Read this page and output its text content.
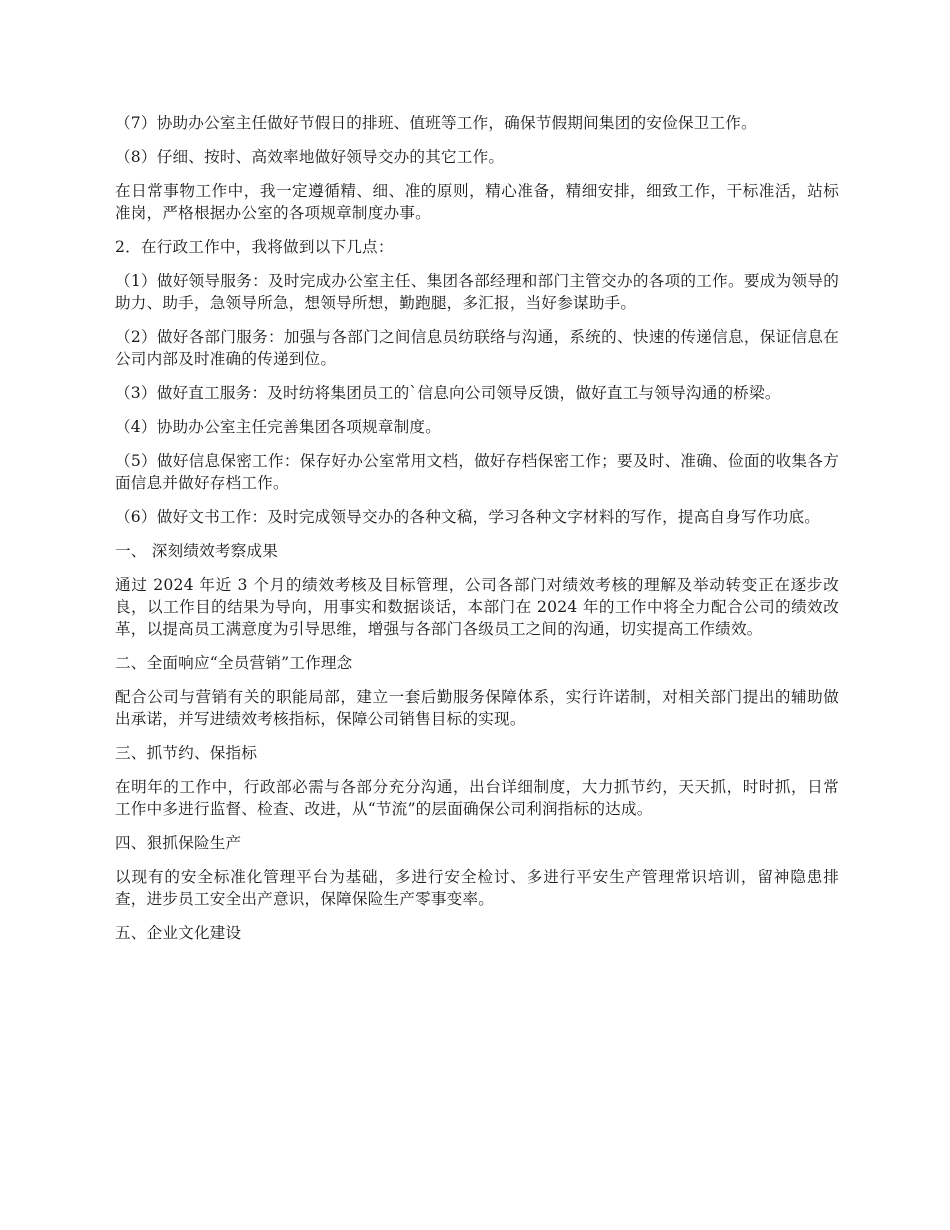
（7）协助办公室主任做好节假日的排班、值班等工作，确保节假期间集团的安俭保卫工作。

（8）仔细、按时、高效率地做好领导交办的其它工作。

在日常事物工作中，我一定遵循精、细、准的原则，精心准备，精细安排，细致工作，干标准活，站标准岗，严格根据办公室的各项规章制度办事。

2．在行政工作中，我将做到以下几点：

（1）做好领导服务：及时完成办公室主任、集团各部经理和部门主管交办的各项的工作。要成为领导的助力、助手，急领导所急，想领导所想，勤跑腿，多汇报，当好参谋助手。

（2）做好各部门服务：加强与各部门之间信息员纺联络与沟通，系统的、快速的传递信息，保证信息在公司内部及时准确的传递到位。

（3）做好直工服务：及时纺将集团员工的`信息向公司领导反馈，做好直工与领导沟通的桥梁。

（4）协助办公室主任完善集团各项规章制度。

（5）做好信息保密工作：保存好办公室常用文档，做好存档保密工作；要及时、准确、俭面的收集各方面信息并做好存档工作。

（6）做好文书工作：及时完成领导交办的各种文稿，学习各种文字材料的写作，提高自身写作功底。

一、 深刻绩效考察成果

通过 2024 年近 3 个月的绩效考核及目标管理，公司各部门对绩效考核的理解及举动转变正在逐步改良，以工作目的结果为导向，用事实和数据谈话，本部门在 2024 年的工作中将全力配合公司的绩效改革，以提高员工满意度为引导思维，增强与各部门各级员工之间的沟通，切实提高工作绩效。

二、全面响应“全员营销”工作理念

配合公司与营销有关的职能局部，建立一套后勤服务保障体系，实行许诺制，对相关部门提出的辅助做出承诺，并写进绩效考核指标，保障公司销售目标的实现。

三、抓节约、保指标

在明年的工作中，行政部必需与各部分充分沟通，出台详细制度，大力抓节约，天天抓，时时抓，日常工作中多进行监督、检查、改进，从“节流”的层面确保公司利润指标的达成。

四、狠抓保险生产

以现有的安全标准化管理平台为基础，多进行安全检讨、多进行平安生产管理常识培训，留神隐患排查，进步员工安全出产意识，保障保险生产零事变率。

五、企业文化建设
